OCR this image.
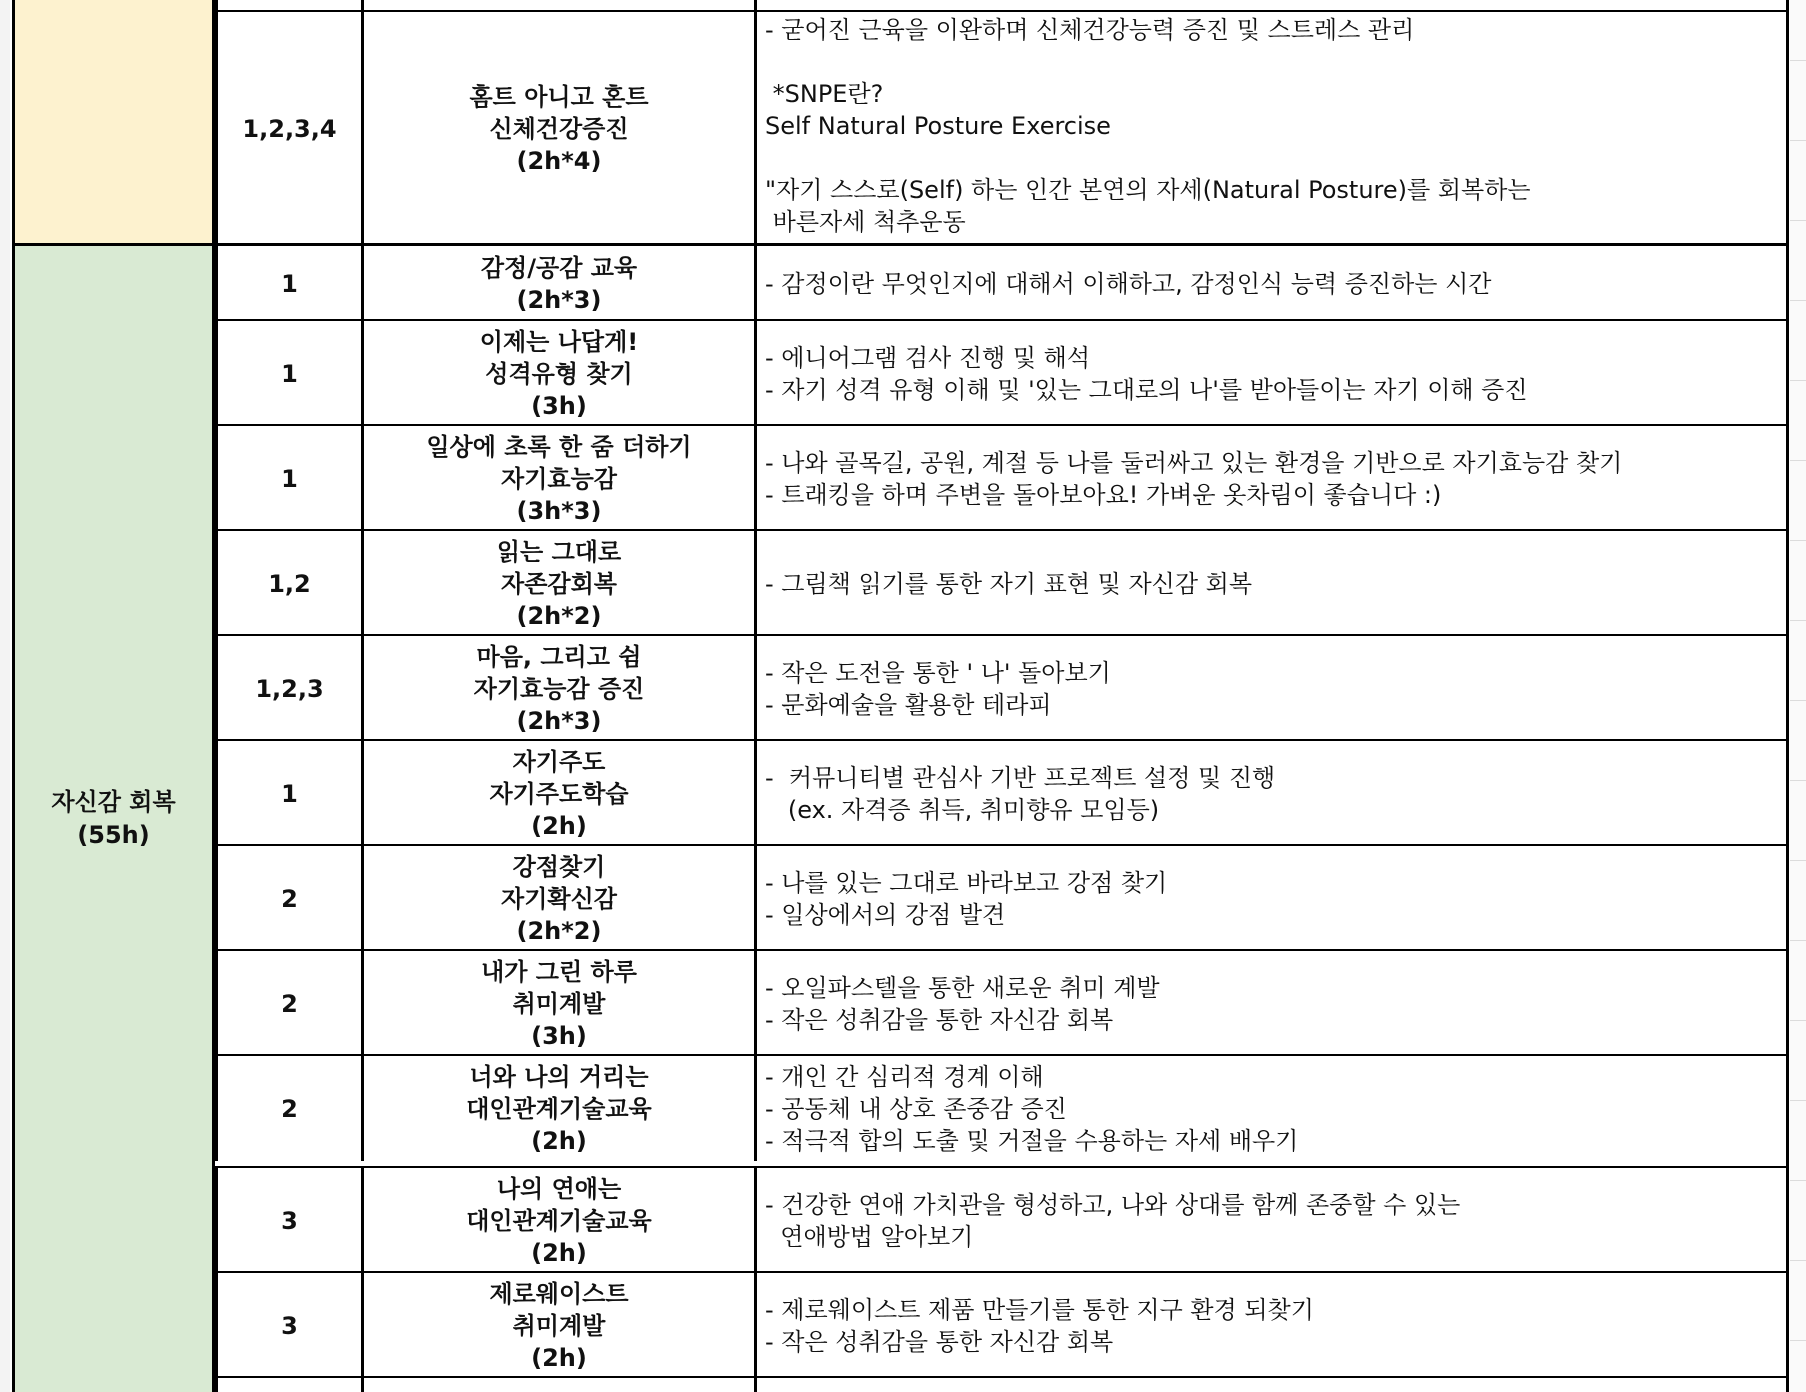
자신감 회복
(55h)
1,2,3,4
홈트 아니고 혼트
신체건강증진
(2h*4)
- 굳어진 근육을 이완하며 신체건강능력 증진 및 스트레스 관리

*SNPE란?
Self Natural Posture Exercise

"자기 스스로(Self) 하는 인간 본연의 자세(Natural Posture)를 회복하는
바른자세 척추운동
1
감정/공감 교육
(2h*3)
- 감정이란 무엇인지에 대해서 이해하고, 감정인식 능력 증진하는 시간
1
이제는 나답게!
성격유형 찾기
(3h)
- 에니어그램 검사 진행 및 해석
- 자기 성격 유형 이해 및 '있는 그대로의 나'를 받아들이는 자기 이해 증진
1
일상에 초록 한 줌 더하기
자기효능감
(3h*3)
- 나와 골목길, 공원, 계절 등 나를 둘러싸고 있는 환경을 기반으로 자기효능감 찾기
- 트래킹을 하며 주변을 돌아보아요! 가벼운 옷차림이 좋습니다 :)
1,2
읽는 그대로
자존감회복
(2h*2)
- 그림책 읽기를 통한 자기 표현 및 자신감 회복
1,2,3
마음, 그리고 쉼
자기효능감 증진
(2h*3)
- 작은 도전을 통한 ' 나' 돌아보기
- 문화예술을 활용한 테라피
1
자기주도
자기주도학습
(2h)
-  커뮤니티별 관심사 기반 프로젝트 설정 및 진행
(ex. 자격증 취득, 취미향유 모임등)
2
강점찾기
자기확신감
(2h*2)
- 나를 있는 그대로 바라보고 강점 찾기
- 일상에서의 강점 발견
2
내가 그린 하루
취미계발
(3h)
- 오일파스텔을 통한 새로운 취미 계발
- 작은 성취감을 통한 자신감 회복
2
너와 나의 거리는
대인관계기술교육
(2h)
- 개인 간 심리적 경계 이해
- 공동체 내 상호 존중감 증진
- 적극적 합의 도출 및 거절을 수용하는 자세 배우기
3
나의 연애는
대인관계기술교육
(2h)
- 건강한 연애 가치관을 형성하고, 나와 상대를 함께 존중할 수 있는
연애방법 알아보기
3
제로웨이스트
취미계발
(2h)
- 제로웨이스트 제품 만들기를 통한 지구 환경 되찾기
- 작은 성취감을 통한 자신감 회복
